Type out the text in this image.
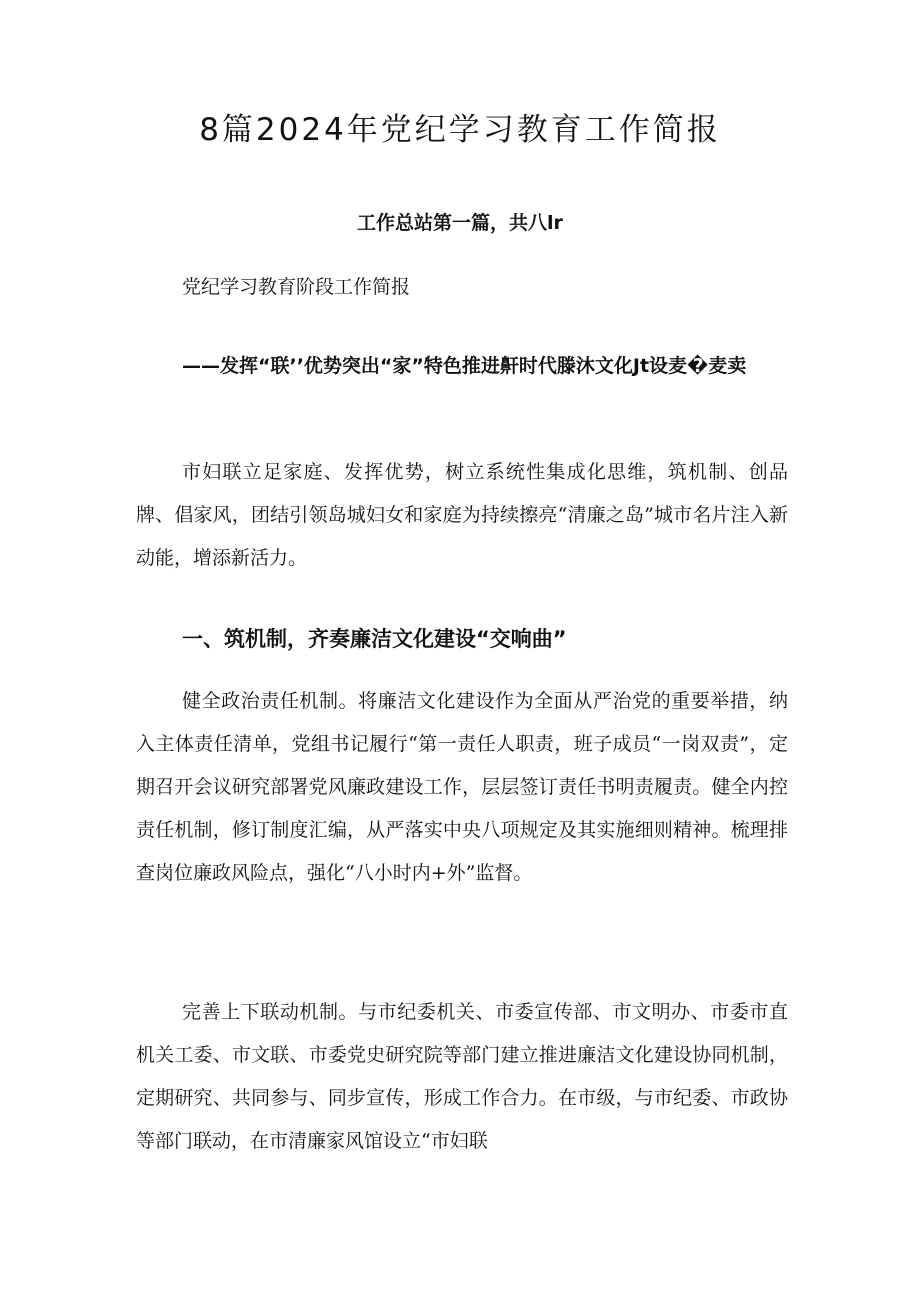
8篇2024年党纪学习教育工作简报
工作总站第一篇，共八lr
党纪学习教育阶段工作简报
——发挥“联’’优势突出“家”特色推进鼾时代滕沐文化Jt设麦�麦卖
市妇联立足家庭、发挥优势，树立系统性集成化思维，筑机制、创品牌、倡家风，团结引领岛城妇女和家庭为持续擦亮“清廉之岛”城市名片注入新动能，增添新活力。
一、筑机制，齐奏廉洁文化建设“交响曲”
健全政治责任机制。将廉洁文化建设作为全面从严治党的重要举措，纳入主体责任清单，党组书记履行“第一责任人职责，班子成员“一岗双责”，定期召开会议研究部署党风廉政建设工作，层层签订责任书明责履责。健全内控责任机制，修订制度汇编，从严落实中央八项规定及其实施细则精神。梳理排查岗位廉政风险点，强化“八小时内+外”监督。
完善上下联动机制。与市纪委机关、市委宣传部、市文明办、市委市直机关工委、市文联、市委党史研究院等部门建立推进廉洁文化建设协同机制，定期研究、共同参与、同步宣传，形成工作合力。在市级，与市纪委、市政协等部门联动，在市清廉家风馆设立“市妇联
